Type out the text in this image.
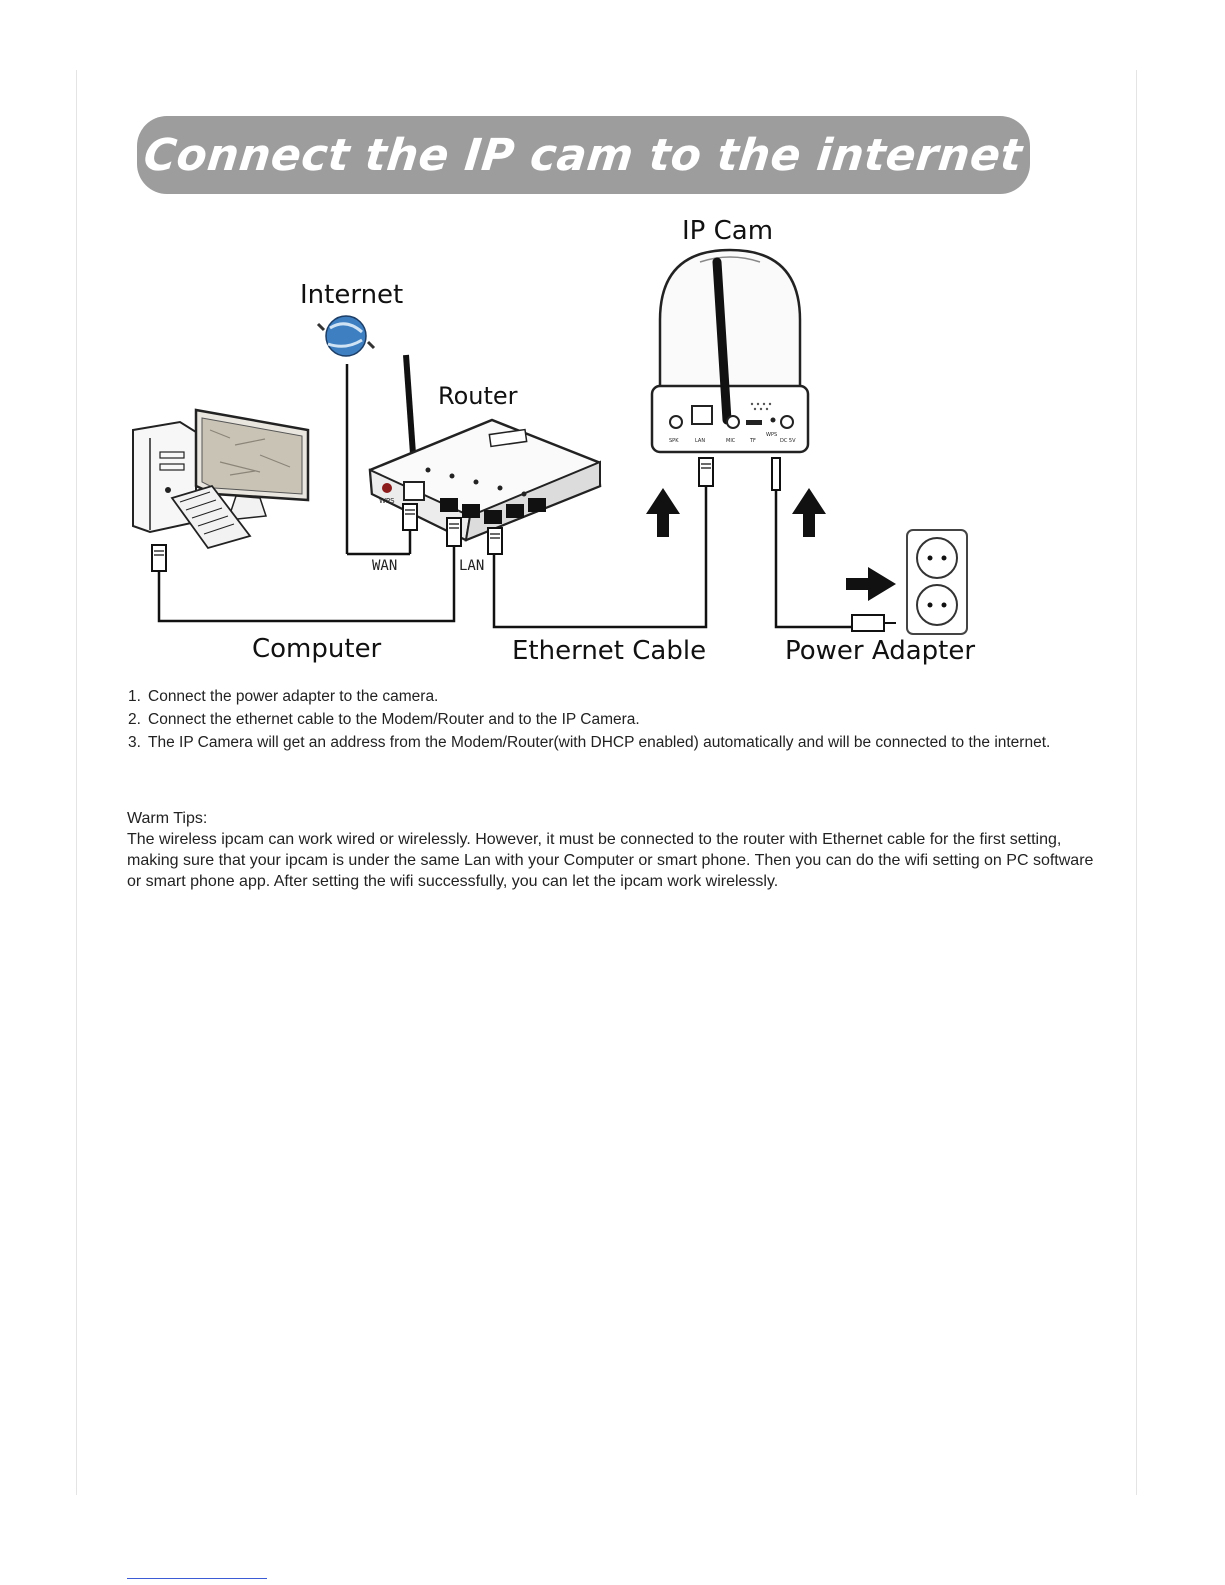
Connect the IP cam to the internet
IP Cam
Internet
Router
Computer	Ethernet Cable	Power Adapter
WAN	LAN
WPS
SPK	LAN	MIC	TF
WPS
DC 5V
1. Connect the power adapter to the camera.
2. Connect the ethernet cable to the Modem/Router and to the IP Camera.
3. The IP Camera will get an address from the Modem/Router(with DHCP enabled) automatically and will be connected to the internet.
Warm Tips:

The wireless ipcam can work wired or wirelessly. However, it must be connected to the router with Ethernet cable for the first setting, making sure that your ipcam is under the same Lan with your Computer or smart phone. Then you can do the wifi setting on PC software or smart phone app. After setting the wifi successfully, you can let the ipcam work wirelessly.
